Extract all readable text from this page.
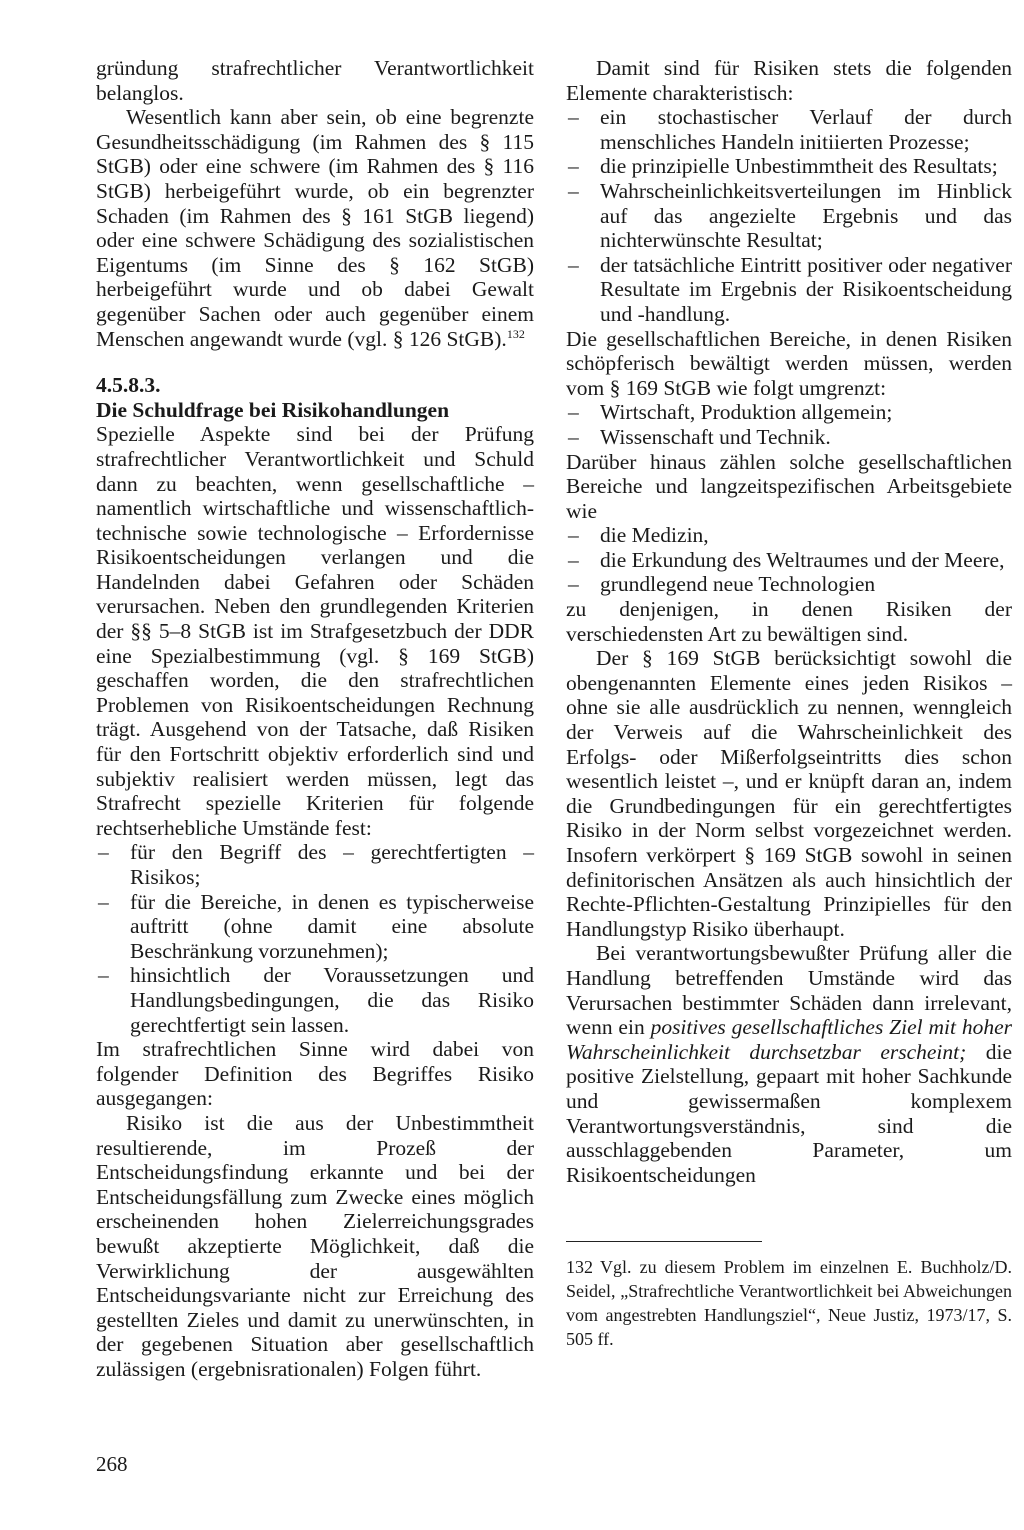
gründung strafrechtlicher Verantwortlichkeit belanglos.

Wesentlich kann aber sein, ob eine begrenzte Gesundheitsschädigung (im Rahmen des § 115 StGB) oder eine schwere (im Rahmen des § 116 StGB) herbeigeführt wurde, ob ein begrenzter Schaden (im Rahmen des § 161 StGB liegend) oder eine schwere Schädigung des sozialistischen Eigentums (im Sinne des § 162 StGB) herbeigeführt wurde und ob dabei Gewalt gegenüber Sachen oder auch gegenüber einem Menschen angewandt wurde (vgl. § 126 StGB).$^{132}$

4.5.8.3.

Die Schuldfrage bei Risikohandlungen

Spezielle Aspekte sind bei der Prüfung strafrechtlicher Verantwortlichkeit und Schuld dann zu beachten, wenn gesellschaftliche – namentlich wirtschaftliche und wissenschaftlich-technische sowie technologische – Erfordernisse Risikoentscheidungen verlangen und die Handelnden dabei Gefahren oder Schäden verursachen. Neben den grundlegenden Kriterien der §§ 5–8 StGB ist im Strafgesetzbuch der DDR eine Spezialbestimmung (vgl. § 169 StGB) geschaffen worden, die den strafrechtlichen Problemen von Risikoentscheidungen Rechnung trägt. Ausgehend von der Tatsache, daß Risiken für den Fortschritt objektiv erforderlich sind und subjektiv realisiert werden müssen, legt das Strafrecht spezielle Kriterien für folgende rechtserhebliche Umstände fest:

– für den Begriff des – gerechtfertigten – Risikos;
– für die Bereiche, in denen es typischerweise auftritt (ohne damit eine absolute Beschränkung vorzunehmen);
– hinsichtlich der Voraussetzungen und Handlungsbedingungen, die das Risiko gerechtfertigt sein lassen.

Im strafrechtlichen Sinne wird dabei von folgender Definition des Begriffes Risiko ausgegangen:

Risiko ist die aus der Unbestimmtheit resultierende, im Prozeß der Entscheidungsfindung erkannte und bei der Entscheidungsfällung zum Zwecke eines möglich erscheinenden hohen Zielerreichungsgrades bewußt akzeptierte Möglichkeit, daß die Verwirklichung der ausgewählten Entscheidungsvariante nicht zur Erreichung des gestellten Zieles und damit zu unerwünschten, in der gegebenen Situation aber gesellschaftlich zulässigen (ergebnisrationalen) Folgen führt.

Damit sind für Risiken stets die folgenden Elemente charakteristisch:

– ein stochastischer Verlauf der durch menschliches Handeln initiierten Prozesse;
– die prinzipielle Unbestimmtheit des Resultats;
– Wahrscheinlichkeitsverteilungen im Hinblick auf das angezielte Ergebnis und das nichterwünschte Resultat;
– der tatsächliche Eintritt positiver oder negativer Resultate im Ergebnis der Risikoentscheidung und -handlung.

Die gesellschaftlichen Bereiche, in denen Risiken schöpferisch bewältigt werden müssen, werden vom § 169 StGB wie folgt umgrenzt:

– Wirtschaft, Produktion allgemein;
– Wissenschaft und Technik.

Darüber hinaus zählen solche gesellschaftlichen Bereiche und langzeitspezifischen Arbeitsgebiete wie

– die Medizin,
– die Erkundung des Weltraumes und der Meere,
– grundlegend neue Technologien

zu denjenigen, in denen Risiken der verschiedensten Art zu bewältigen sind.

Der § 169 StGB berücksichtigt sowohl die obengenannten Elemente eines jeden Risikos – ohne sie alle ausdrücklich zu nennen, wenngleich der Verweis auf die Wahrscheinlichkeit des Erfolgs- oder Mißerfolgseintritts dies schon wesentlich leistet –, und er knüpft daran an, indem die Grundbedingungen für ein gerechtfertigtes Risiko in der Norm selbst vorgezeichnet werden. Insofern verkörpert § 169 StGB sowohl in seinen definitorischen Ansätzen als auch hinsichtlich der Rechte-Pflichten-Gestaltung Prinzipielles für den Handlungstyp Risiko überhaupt.

Bei verantwortungsbewußter Prüfung aller die Handlung betreffenden Umstände wird das Verursachen bestimmter Schäden dann irrelevant, wenn ein positives gesellschaftliches Ziel mit hoher Wahrscheinlichkeit durchsetzbar erscheint; die positive Zielstellung, gepaart mit hoher Sachkunde und gewissermaßen komplexem Verantwortungsverständnis, sind die ausschlaggebenden Parameter, um Risikoentscheidungen

132 Vgl. zu diesem Problem im einzelnen E. Buchholz/D. Seidel, „Strafrechtliche Verantwortlichkeit bei Abweichungen vom angestrebten Handlungsziel“, Neue Justiz, 1973/17, S. 505 ff.
268
